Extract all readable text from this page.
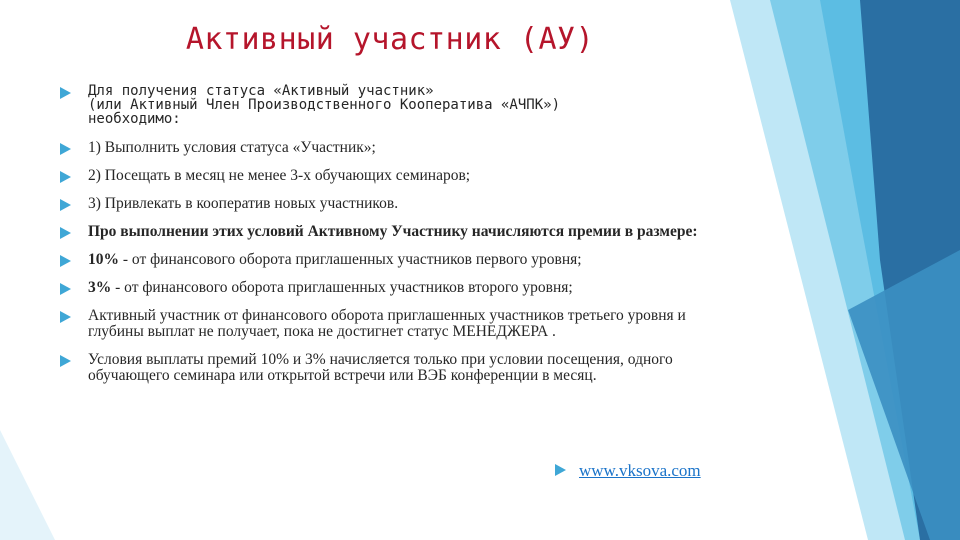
Активный участник (АУ)
Для получения статуса «Активный участник»
(или Активный Член Производственного Кооператива «АЧПК»)
необходимо:
1) Выполнить условия статуса «Участник»;
2) Посещать в месяц не менее 3-х обучающих семинаров;
3) Привлекать в кооператив новых участников.
Про выполнении этих условий Активному Участнику начисляются премии в размере:
10% - от финансового оборота приглашенных участников первого уровня;
3% - от финансового оборота приглашенных участников второго уровня;
Активный участник от финансового оборота приглашенных участников третьего уровня и глубины выплат не получает, пока не достигнет статус МЕНЕДЖЕРА .
Условия выплаты премий 10% и 3% начисляется только при условии посещения, одного обучающего семинара или открытой встречи или ВЭБ конференции в месяц.
www.vksova.com
